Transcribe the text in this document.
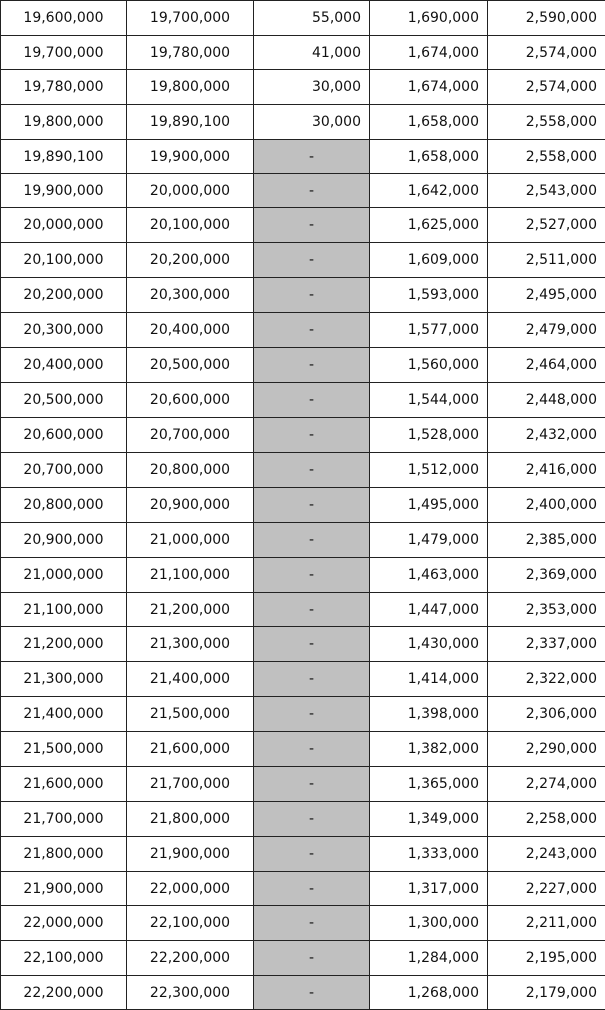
19,600,000	19,700,000	55,000	1,690,000	2,590,000
19,700,000	19,780,000	41,000	1,674,000	2,574,000
19,780,000	19,800,000	30,000	1,674,000	2,574,000
19,800,000	19,890,100	30,000	1,658,000	2,558,000
19,890,100	19,900,000	-	1,658,000	2,558,000
19,900,000	20,000,000	-	1,642,000	2,543,000
20,000,000	20,100,000	-	1,625,000	2,527,000
20,100,000	20,200,000	-	1,609,000	2,511,000
20,200,000	20,300,000	-	1,593,000	2,495,000
20,300,000	20,400,000	-	1,577,000	2,479,000
20,400,000	20,500,000	-	1,560,000	2,464,000
20,500,000	20,600,000	-	1,544,000	2,448,000
20,600,000	20,700,000	-	1,528,000	2,432,000
20,700,000	20,800,000	-	1,512,000	2,416,000
20,800,000	20,900,000	-	1,495,000	2,400,000
20,900,000	21,000,000	-	1,479,000	2,385,000
21,000,000	21,100,000	-	1,463,000	2,369,000
21,100,000	21,200,000	-	1,447,000	2,353,000
21,200,000	21,300,000	-	1,430,000	2,337,000
21,300,000	21,400,000	-	1,414,000	2,322,000
21,400,000	21,500,000	-	1,398,000	2,306,000
21,500,000	21,600,000	-	1,382,000	2,290,000
21,600,000	21,700,000	-	1,365,000	2,274,000
21,700,000	21,800,000	-	1,349,000	2,258,000
21,800,000	21,900,000	-	1,333,000	2,243,000
21,900,000	22,000,000	-	1,317,000	2,227,000
22,000,000	22,100,000	-	1,300,000	2,211,000
22,100,000	22,200,000	-	1,284,000	2,195,000
22,200,000	22,300,000	-	1,268,000	2,179,000
